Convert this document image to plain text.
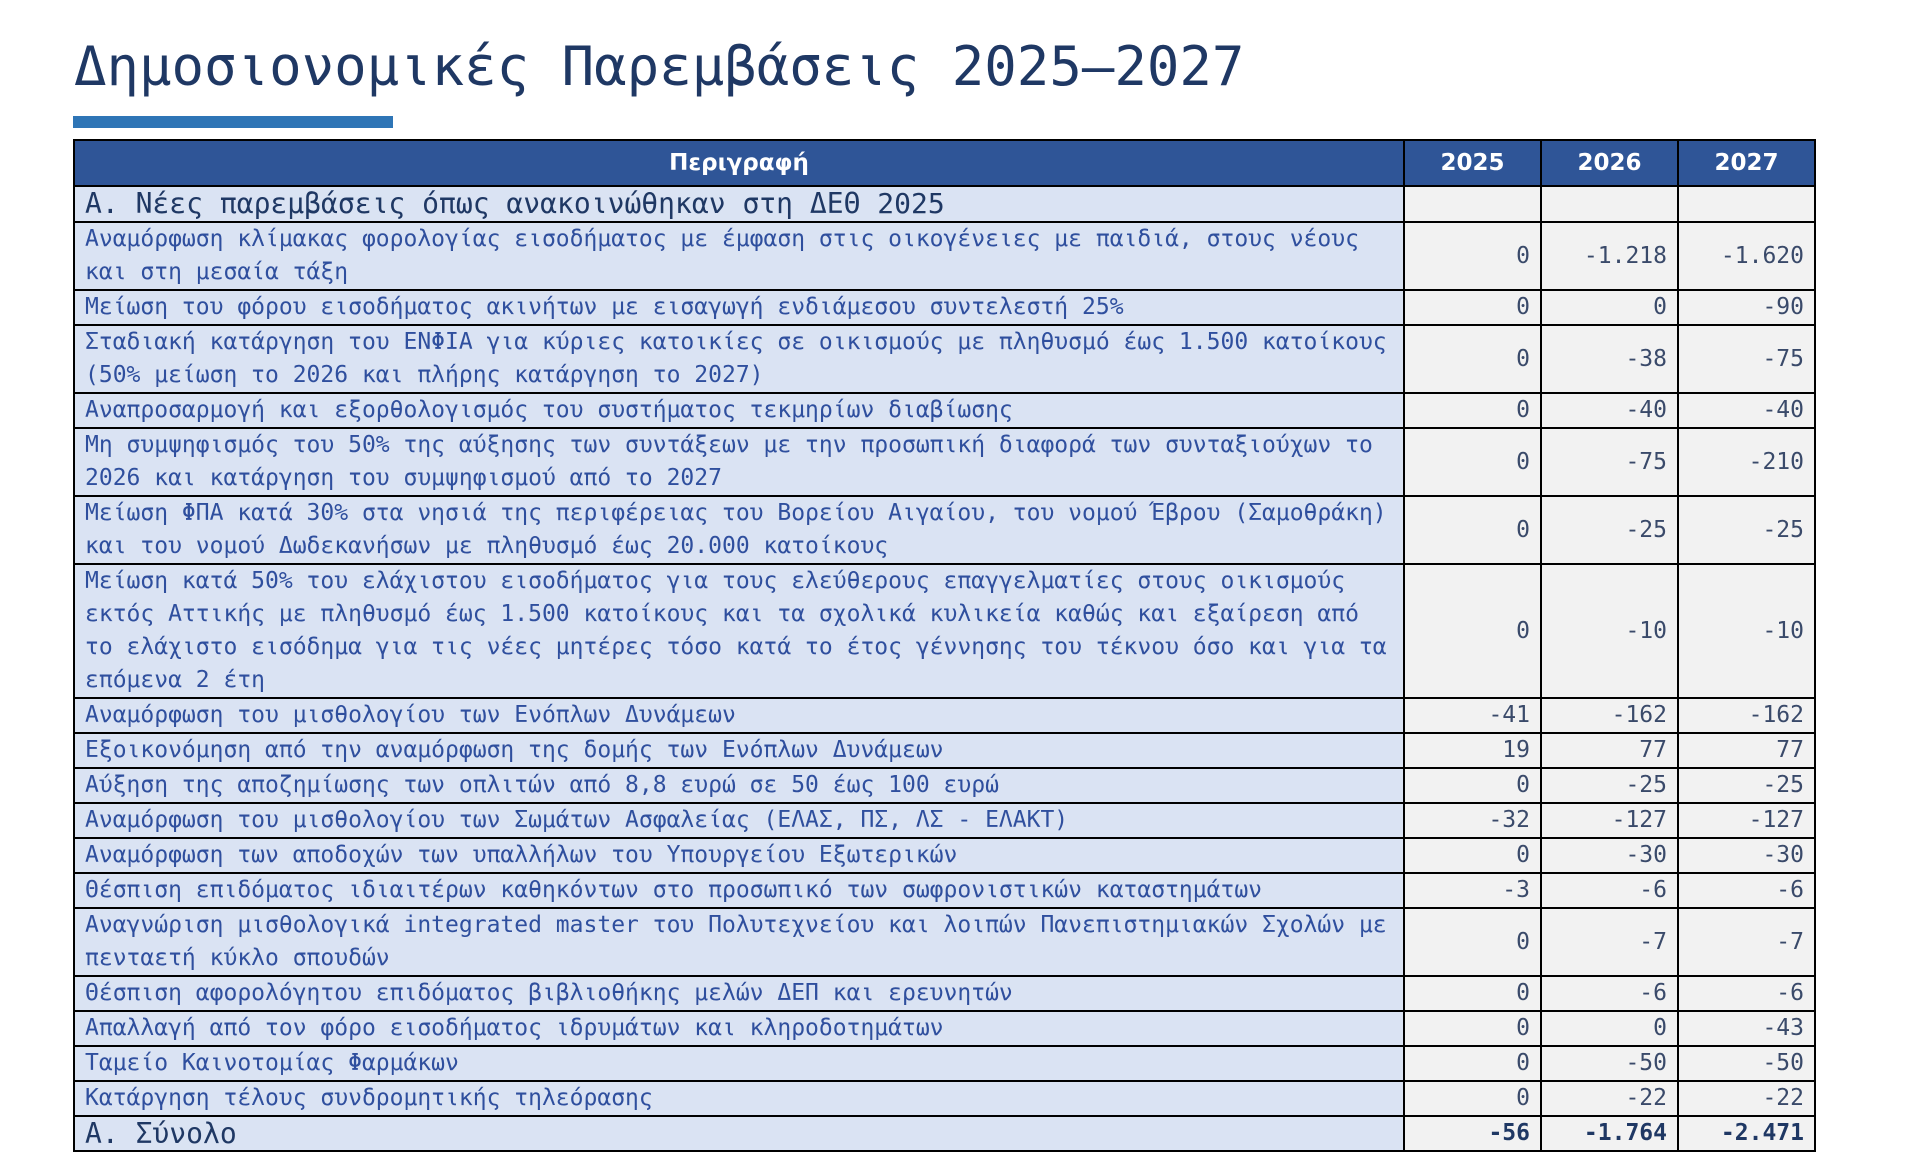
Δημοσιονομικές Παρεμβάσεις 2025–2027
Περιγραφή	2025	2026	2027
Α. Νέες παρεμβάσεις όπως ανακοινώθηκαν στη ΔΕΘ 2025			
Αναμόρφωση κλίμακας φορολογίας εισοδήματος με έμφαση στις οικογένειες με παιδιά, στους νέους και στη μεσαία τάξη	0	-1.218	-1.620
Μείωση του φόρου εισοδήματος ακινήτων με εισαγωγή ενδιάμεσου συντελεστή 25%	0	0	-90
Σταδιακή κατάργηση του ΕΝΦΙΑ για κύριες κατοικίες σε οικισμούς με πληθυσμό έως 1.500 κατοίκους (50% μείωση το 2026 και πλήρης κατάργηση το 2027)	0	-38	-75
Αναπροσαρμογή και εξορθολογισμός του συστήματος τεκμηρίων διαβίωσης	0	-40	-40
Μη συμψηφισμός του 50% της αύξησης των συντάξεων με την προσωπική διαφορά των συνταξιούχων το 2026 και κατάργηση του συμψηφισμού από το 2027	0	-75	-210
Μείωση ΦΠΑ κατά 30% στα νησιά της περιφέρειας του Βορείου Αιγαίου, του νομού Έβρου (Σαμοθράκη) και του νομού Δωδεκανήσων με πληθυσμό έως 20.000 κατοίκους	0	-25	-25
Μείωση κατά 50% του ελάχιστου εισοδήματος για τους ελεύθερους επαγγελματίες στους οικισμούς εκτός Αττικής με πληθυσμό έως 1.500 κατοίκους και τα σχολικά κυλικεία καθώς και εξαίρεση από το ελάχιστο εισόδημα για τις νέες μητέρες τόσο κατά το έτος γέννησης του τέκνου όσο και για τα επόμενα 2 έτη	0	-10	-10
Αναμόρφωση του μισθολογίου των Ενόπλων Δυνάμεων	-41	-162	-162
Εξοικονόμηση από την αναμόρφωση της δομής των Ενόπλων Δυνάμεων	19	77	77
Αύξηση της αποζημίωσης των οπλιτών από 8,8 ευρώ σε 50 έως 100 ευρώ	0	-25	-25
Αναμόρφωση του μισθολογίου των Σωμάτων Ασφαλείας (ΕΛΑΣ, ΠΣ, ΛΣ - ΕΛΑΚΤ)	-32	-127	-127
Αναμόρφωση των αποδοχών των υπαλλήλων του Υπουργείου Εξωτερικών	0	-30	-30
Θέσπιση επιδόματος ιδιαιτέρων καθηκόντων στο προσωπικό των σωφρονιστικών καταστημάτων	-3	-6	-6
Αναγνώριση μισθολογικά integrated master του Πολυτεχνείου και λοιπών Πανεπιστημιακών Σχολών με πενταετή κύκλο σπουδών	0	-7	-7
Θέσπιση αφορολόγητου επιδόματος βιβλιοθήκης μελών ΔΕΠ και ερευνητών	0	-6	-6
Απαλλαγή από τον φόρο εισοδήματος ιδρυμάτων και κληροδοτημάτων	0	0	-43
Ταμείο Καινοτομίας Φαρμάκων	0	-50	-50
Κατάργηση τέλους συνδρομητικής τηλεόρασης	0	-22	-22
Α. Σύνολο	-56	-1.764	-2.471
